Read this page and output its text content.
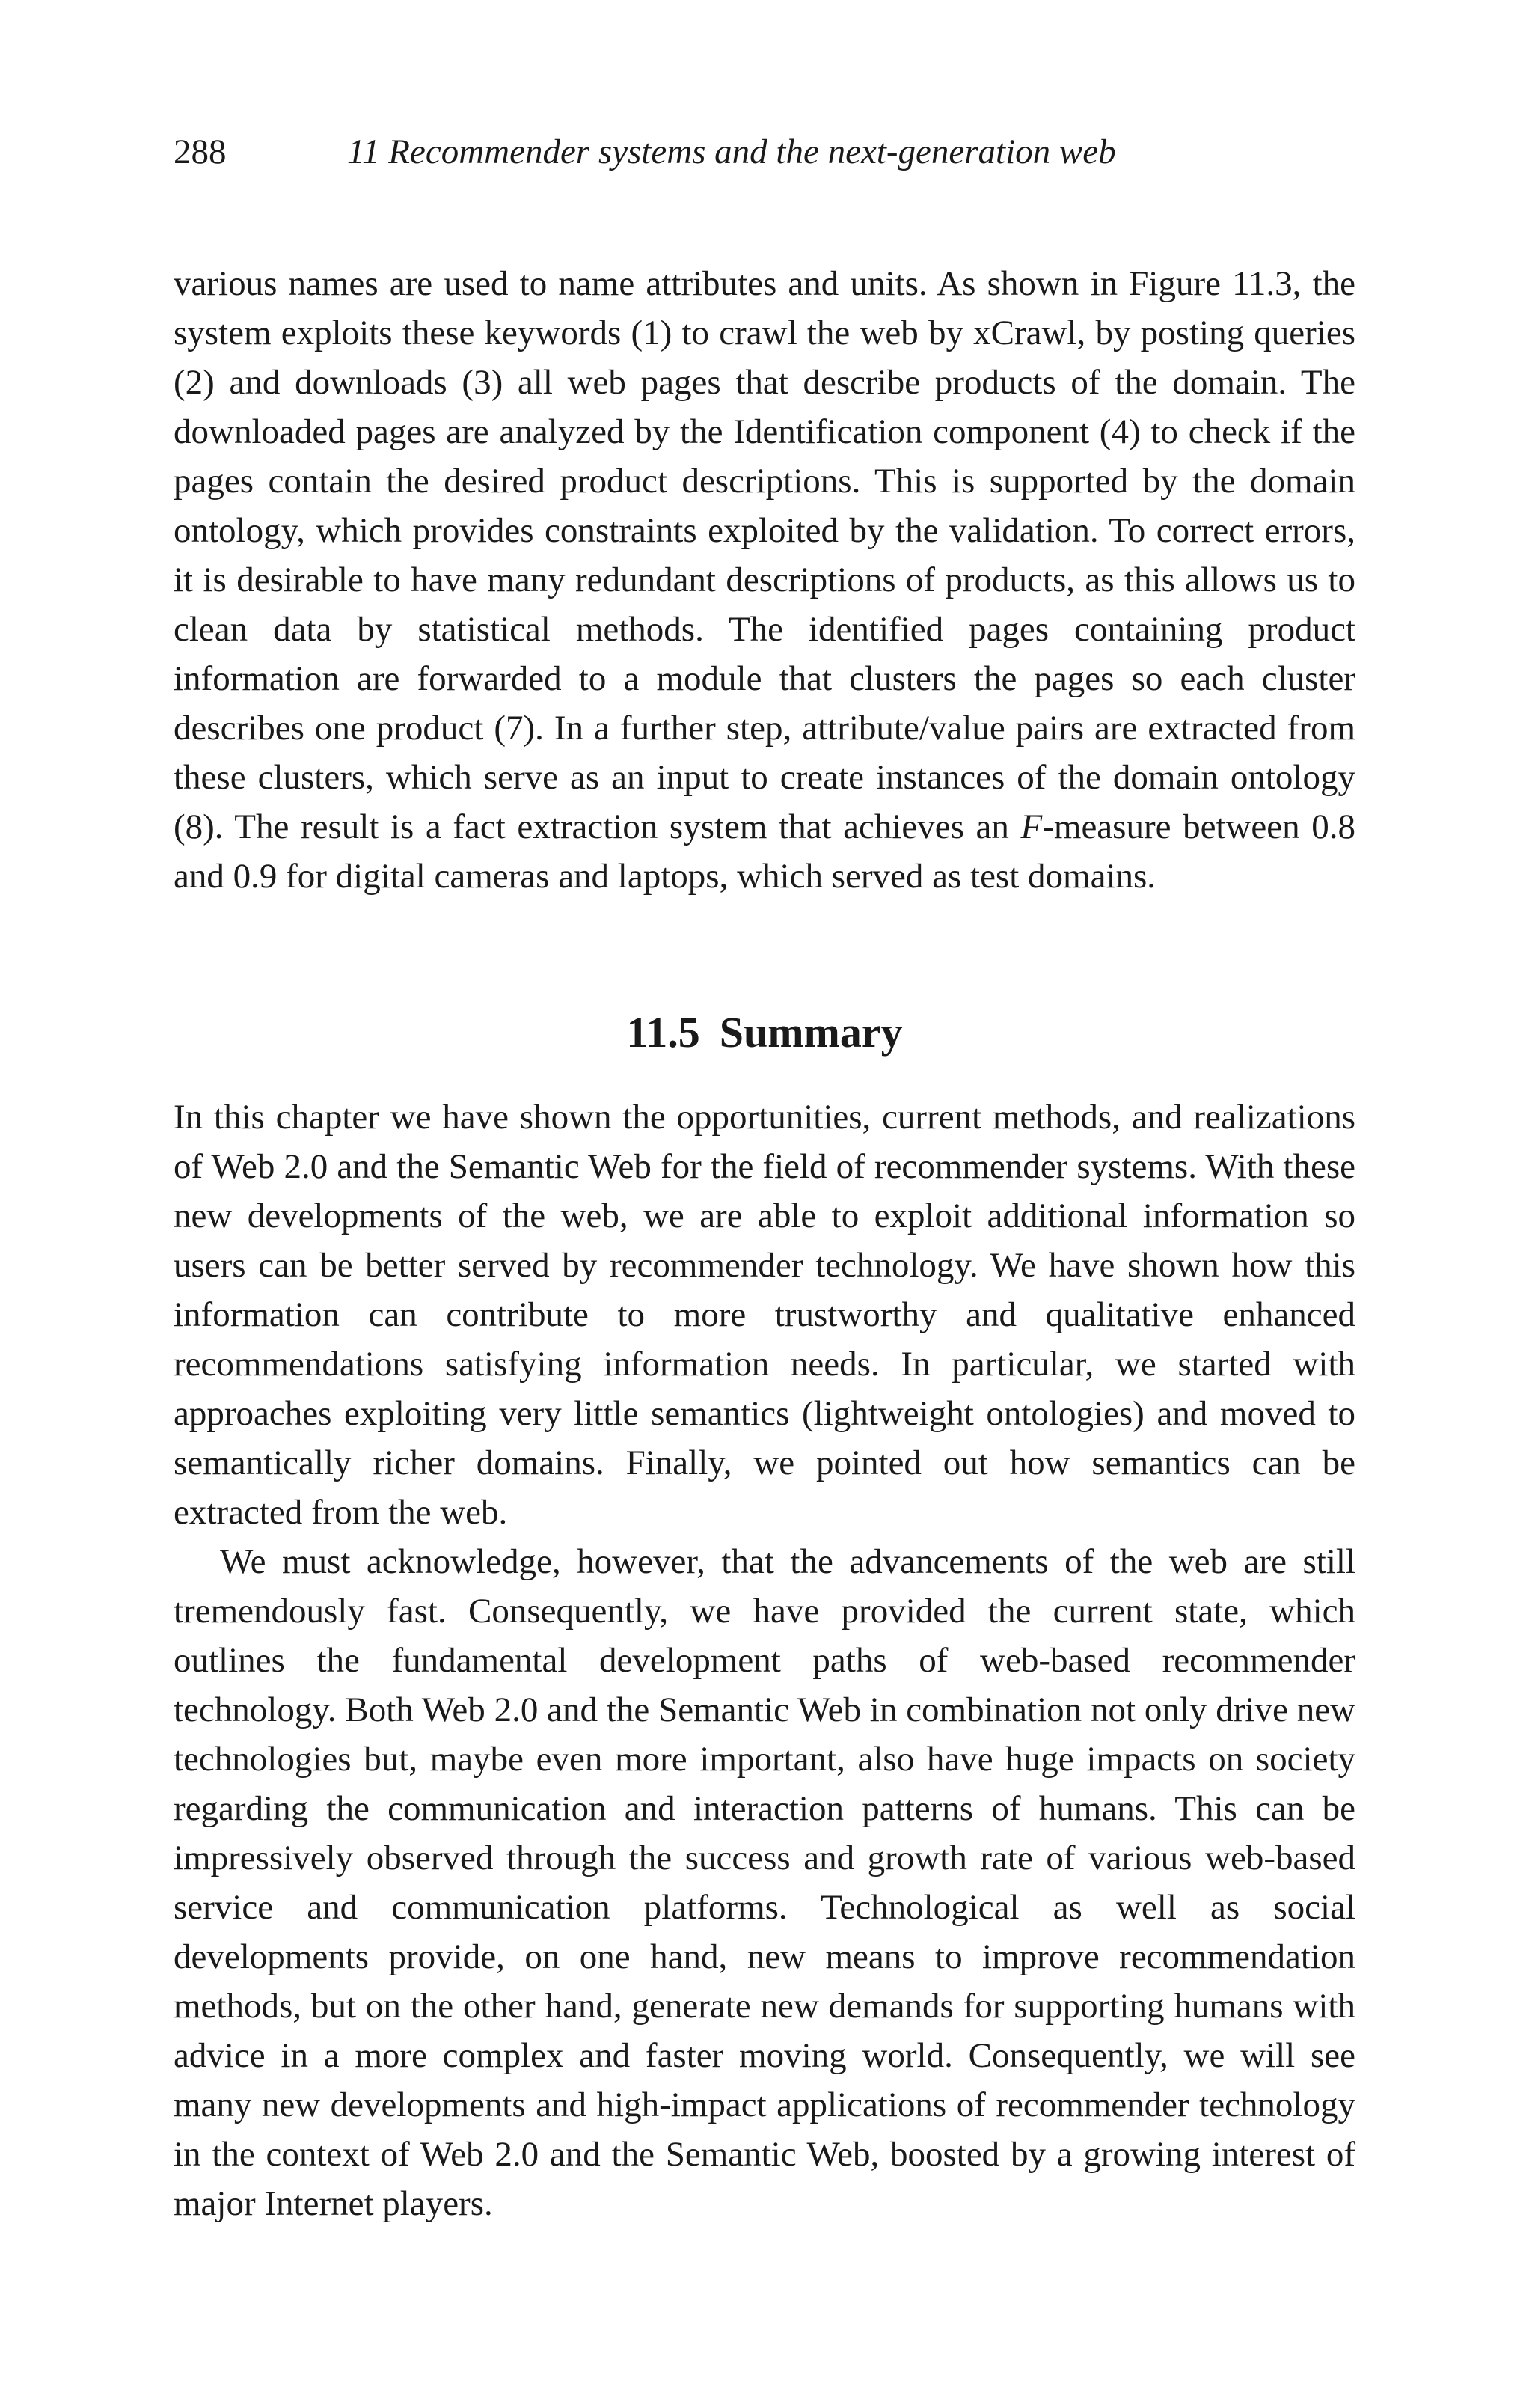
288	11 Recommender systems and the next-generation web

various names are used to name attributes and units. As shown in Figure 11.3, the system exploits these keywords (1) to crawl the web by xCrawl, by posting queries (2) and downloads (3) all web pages that describe products of the domain. The downloaded pages are analyzed by the Identification component (4) to check if the pages contain the desired product descriptions. This is supported by the domain ontology, which provides constraints exploited by the validation. To correct errors, it is desirable to have many redundant descriptions of products, as this allows us to clean data by statistical methods. The identified pages containing product information are forwarded to a module that clusters the pages so each cluster describes one product (7). In a further step, attribute/value pairs are extracted from these clusters, which serve as an input to create instances of the domain ontology (8). The result is a fact extraction system that achieves an F-measure between 0.8 and 0.9 for digital cameras and laptops, which served as test domains.

11.5 Summary

In this chapter we have shown the opportunities, current methods, and realizations of Web 2.0 and the Semantic Web for the field of recommender systems. With these new developments of the web, we are able to exploit additional information so users can be better served by recommender technology. We have shown how this information can contribute to more trustworthy and qualitative enhanced recommendations satisfying information needs. In particular, we started with approaches exploiting very little semantics (lightweight ontologies) and moved to semantically richer domains. Finally, we pointed out how semantics can be extracted from the web.

We must acknowledge, however, that the advancements of the web are still tremendously fast. Consequently, we have provided the current state, which outlines the fundamental development paths of web-based recommender technology. Both Web 2.0 and the Semantic Web in combination not only drive new technologies but, maybe even more important, also have huge impacts on society regarding the communication and interaction patterns of humans. This can be impressively observed through the success and growth rate of various web-based service and communication platforms. Technological as well as social developments provide, on one hand, new means to improve recommendation methods, but on the other hand, generate new demands for supporting humans with advice in a more complex and faster moving world. Consequently, we will see many new developments and high-impact applications of recommender technology in the context of Web 2.0 and the Semantic Web, boosted by a growing interest of major Internet players.
